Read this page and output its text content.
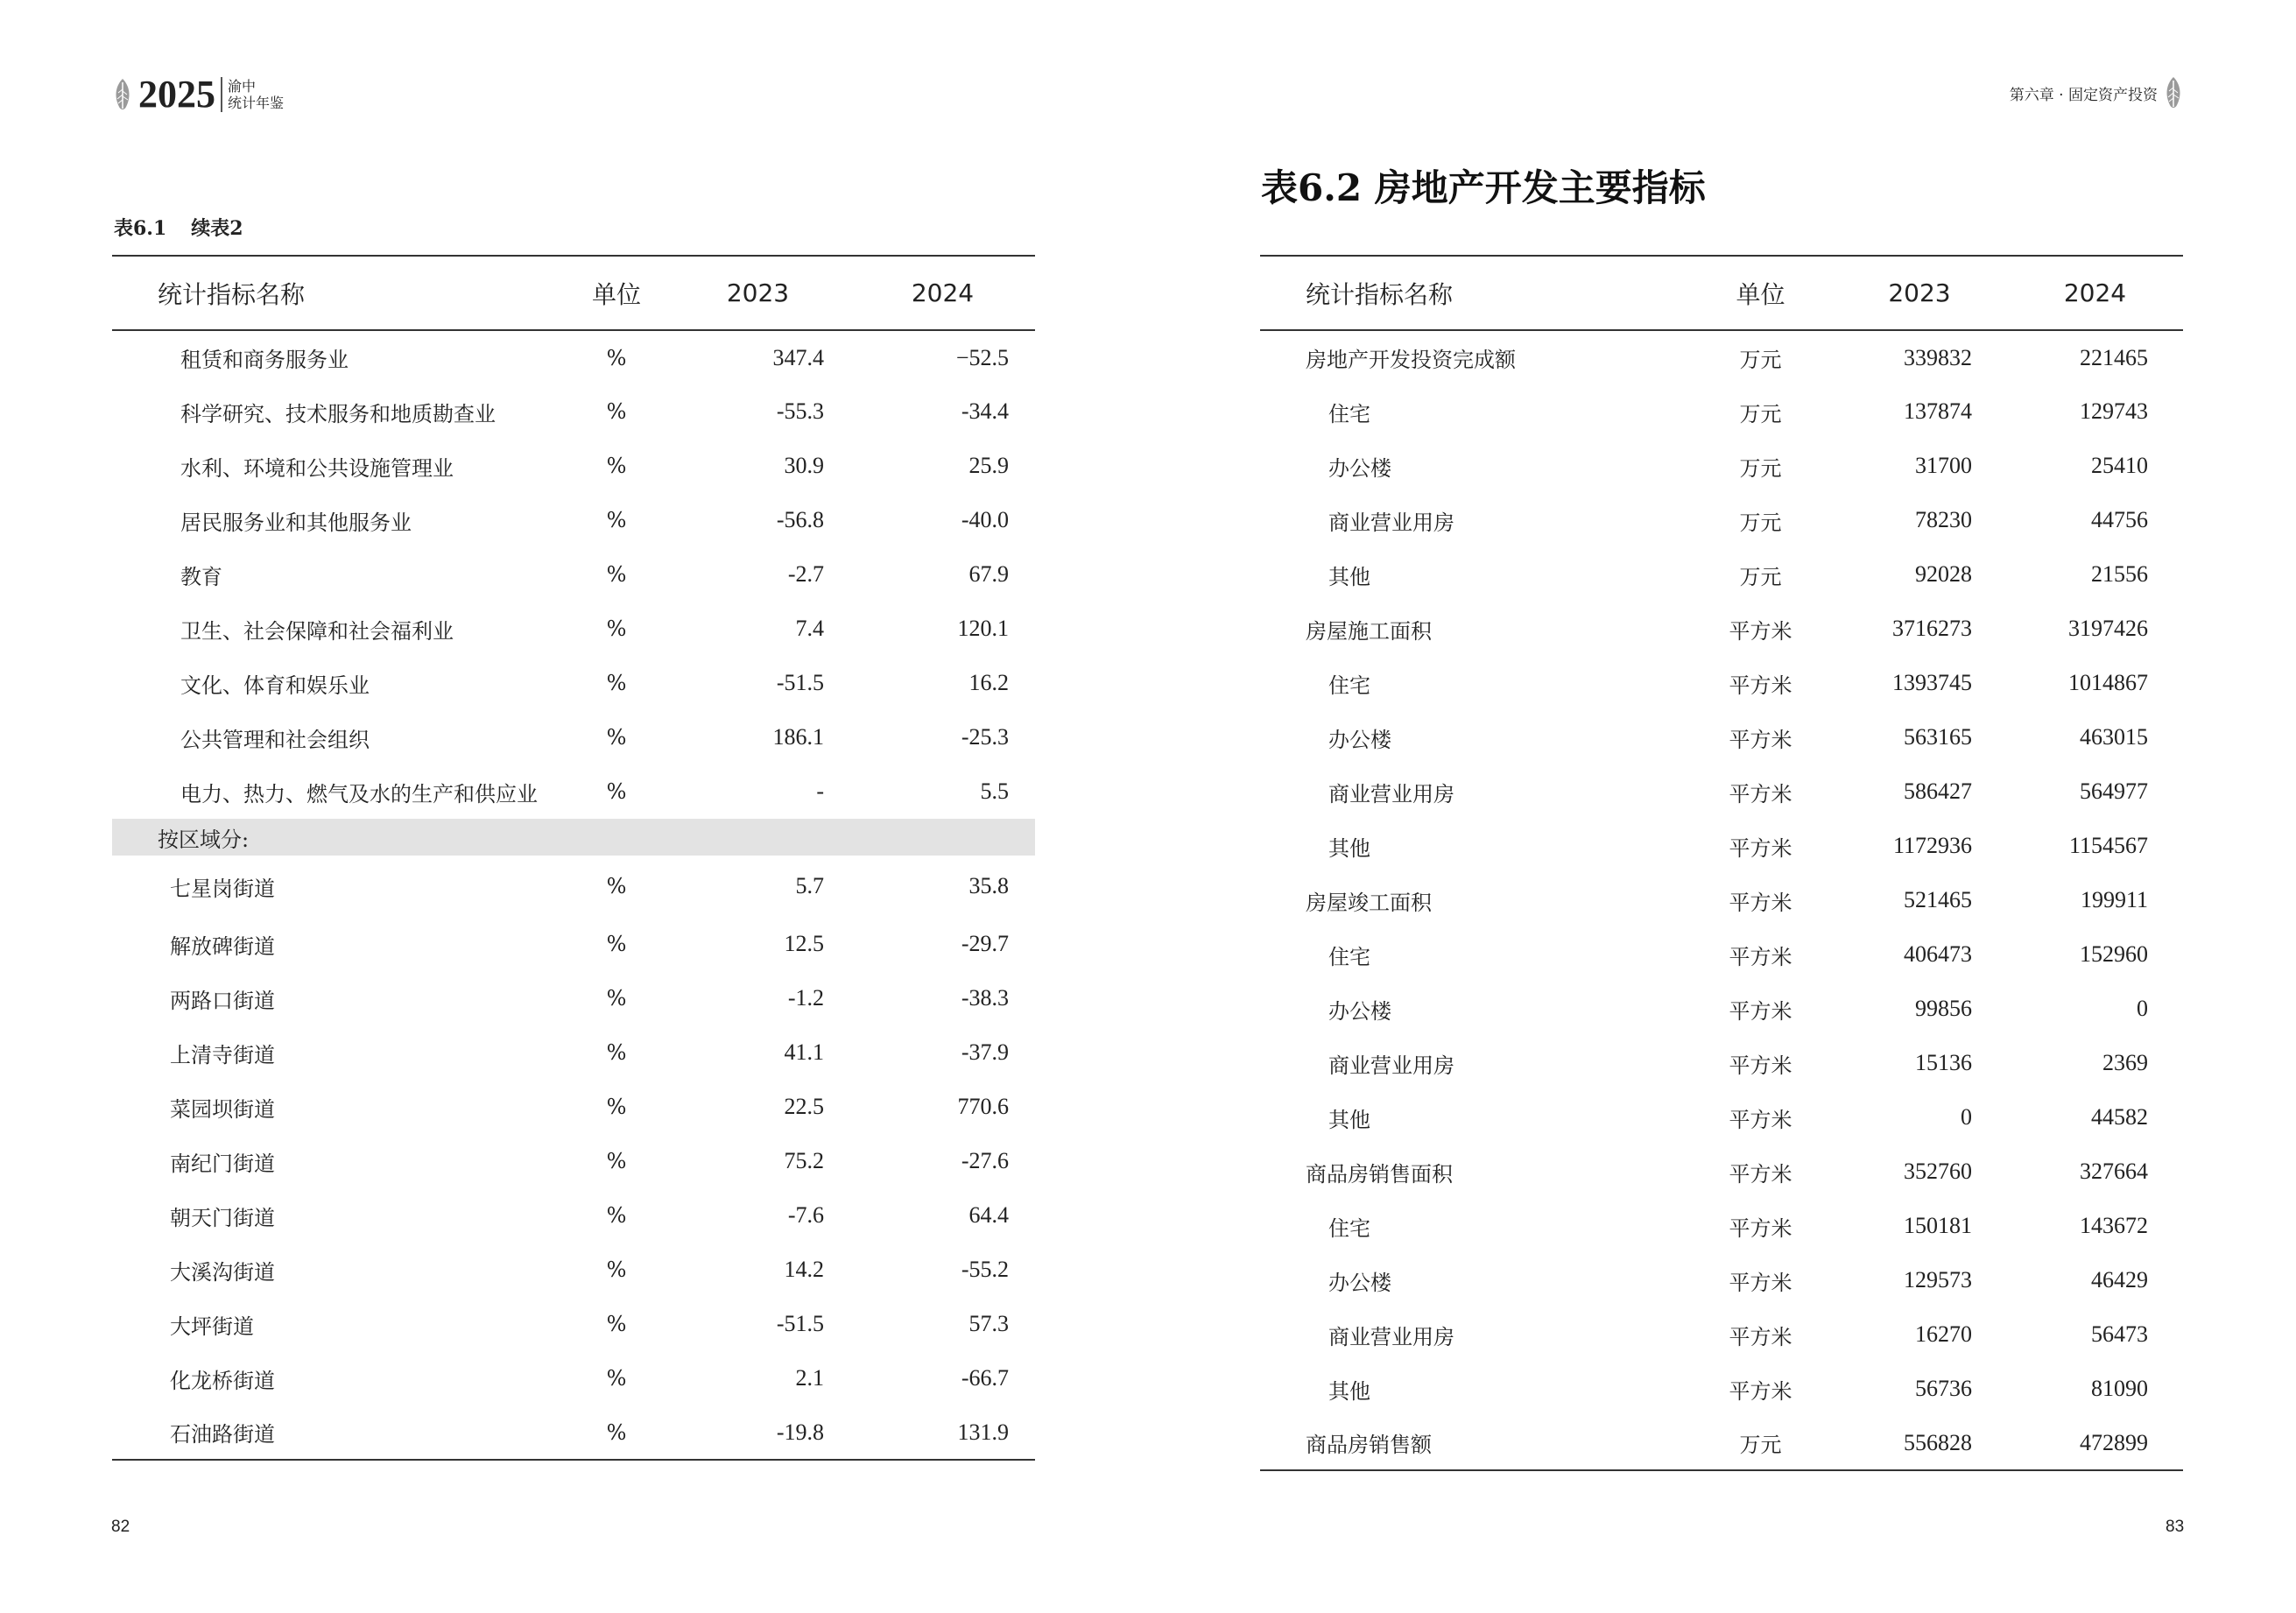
2025 渝中
统计年鉴
表6.1 续表2
统计指标名称	单位	2023	2024
租赁和商务服务业	%	347.4	−52.5
科学研究、技术服务和地质勘查业	%	-55.3	-34.4
水利、环境和公共设施管理业	%	30.9	25.9
居民服务业和其他服务业	%	-56.8	-40.0
教育	%	-2.7	67.9
卫生、社会保障和社会福利业	%	7.4	120.1
文化、体育和娱乐业	%	-51.5	16.2
公共管理和社会组织	%	186.1	-25.3
电力、热力、燃气及水的生产和供应业	%	-	5.5
按区域分:			
七星岗街道	%	5.7	35.8
解放碑街道	%	12.5	-29.7
两路口街道	%	-1.2	-38.3
上清寺街道	%	41.1	-37.9
菜园坝街道	%	22.5	770.6
南纪门街道	%	75.2	-27.6
朝天门街道	%	-7.6	64.4
大溪沟街道	%	14.2	-55.2
大坪街道	%	-51.5	57.3
化龙桥街道	%	2.1	-66.7
石油路街道	%	-19.8	131.9
82
第六章 · 固定资产投资
表6.2 房地产开发主要指标
统计指标名称	单位	2023	2024
房地产开发投资完成额	万元	339832	221465
住宅	万元	137874	129743
办公楼	万元	31700	25410
商业营业用房	万元	78230	44756
其他	万元	92028	21556
房屋施工面积	平方米	3716273	3197426
住宅	平方米	1393745	1014867
办公楼	平方米	563165	463015
商业营业用房	平方米	586427	564977
其他	平方米	1172936	1154567
房屋竣工面积	平方米	521465	199911
住宅	平方米	406473	152960
办公楼	平方米	99856	0
商业营业用房	平方米	15136	2369
其他	平方米	0	44582
商品房销售面积	平方米	352760	327664
住宅	平方米	150181	143672
办公楼	平方米	129573	46429
商业营业用房	平方米	16270	56473
其他	平方米	56736	81090
商品房销售额	万元	556828	472899
83
